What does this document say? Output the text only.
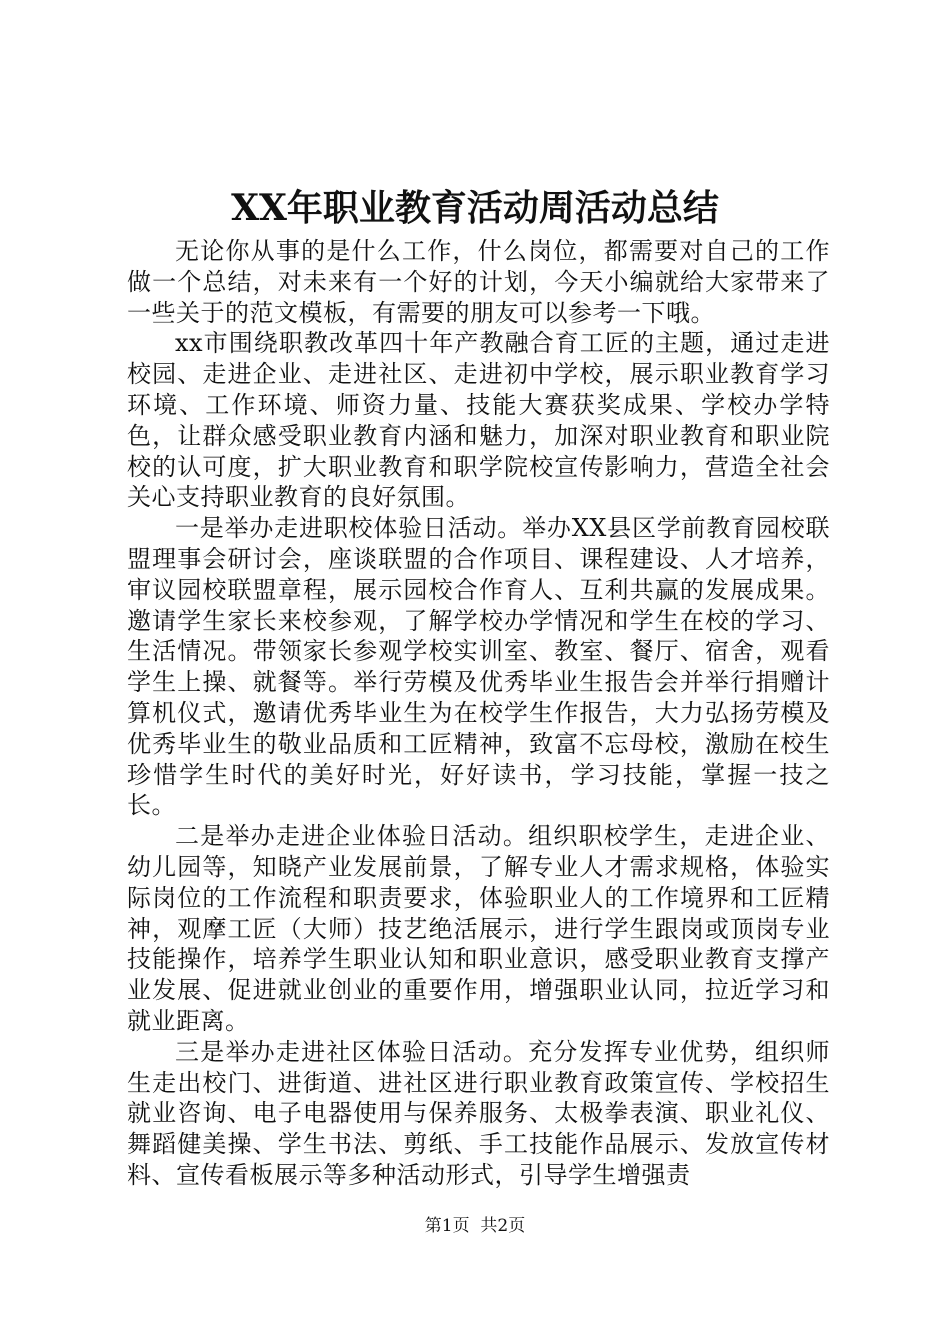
XX年职业教育活动周活动总结

无论你从事的是什么工作，什么岗位，都需要对自己的工作做一个总结，对未来有一个好的计划，今天小编就给大家带来了一些关于的范文模板，有需要的朋友可以参考一下哦。

xx市围绕职教改革四十年产教融合育工匠的主题，通过走进校园、走进企业、走进社区、走进初中学校，展示职业教育学习环境、工作环境、师资力量、技能大赛获奖成果、学校办学特色，让群众感受职业教育内涵和魅力，加深对职业教育和职业院校的认可度，扩大职业教育和职学院校宣传影响力，营造全社会关心支持职业教育的良好氛围。

一是举办走进职校体验日活动。举办XX县区学前教育园校联盟理事会研讨会，座谈联盟的合作项目、课程建设、人才培养，审议园校联盟章程，展示园校合作育人、互利共赢的发展成果。邀请学生家长来校参观，了解学校办学情况和学生在校的学习、生活情况。带领家长参观学校实训室、教室、餐厅、宿舍，观看学生上操、就餐等。举行劳模及优秀毕业生报告会并举行捐赠计算机仪式，邀请优秀毕业生为在校学生作报告，大力弘扬劳模及优秀毕业生的敬业品质和工匠精神，致富不忘母校，激励在校生珍惜学生时代的美好时光，好好读书，学习技能，掌握一技之长。

二是举办走进企业体验日活动。组织职校学生，走进企业、幼儿园等，知晓产业发展前景，了解专业人才需求规格，体验实际岗位的工作流程和职责要求，体验职业人的工作境界和工匠精神，观摩工匠（大师）技艺绝活展示，进行学生跟岗或顶岗专业技能操作，培养学生职业认知和职业意识，感受职业教育支撑产业发展、促进就业创业的重要作用，增强职业认同，拉近学习和就业距离。

三是举办走进社区体验日活动。充分发挥专业优势，组织师生走出校门、进街道、进社区进行职业教育政策宣传、学校招生就业咨询、电子电器使用与保养服务、太极拳表演、职业礼仪、舞蹈健美操、学生书法、剪纸、手工技能作品展示、发放宣传材料、宣传看板展示等多种活动形式，引导学生增强责

第1页 共2页
